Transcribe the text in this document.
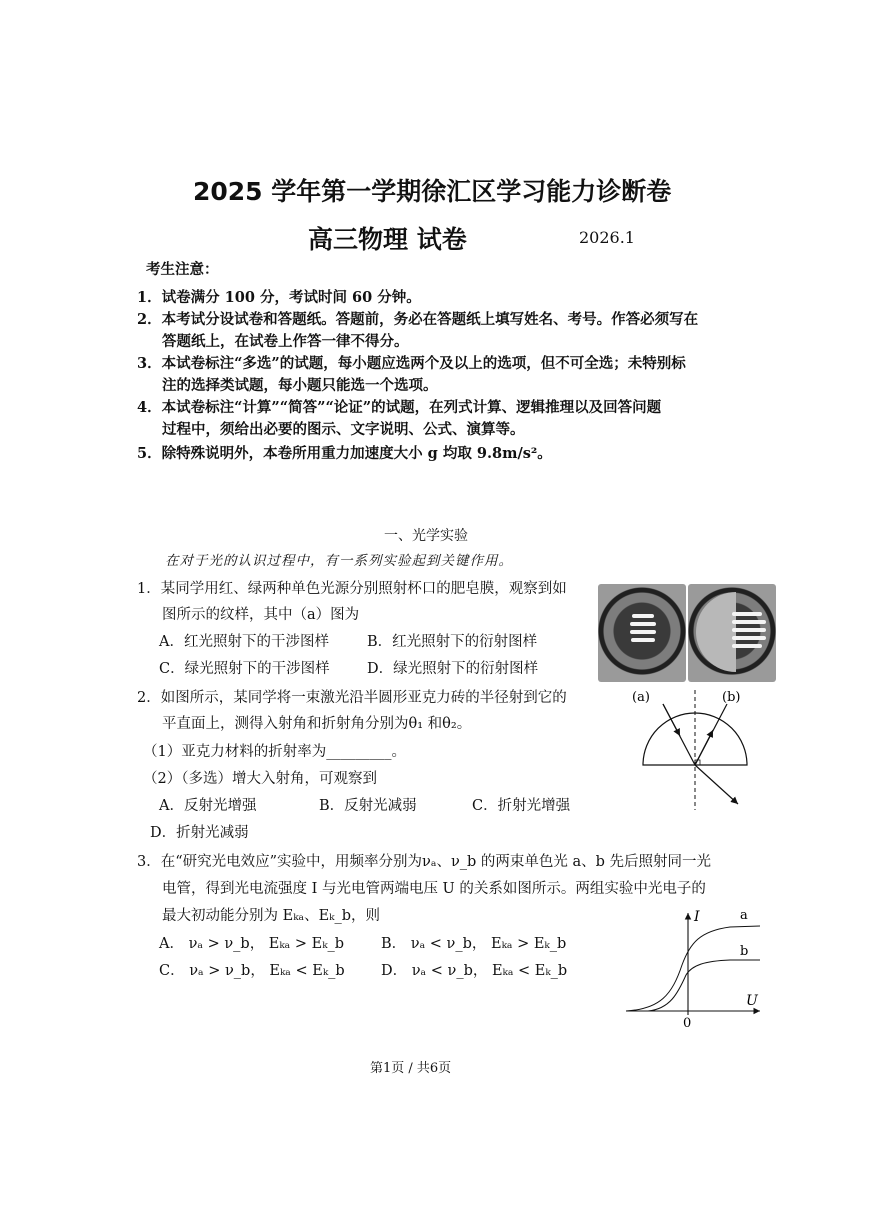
2025 学年第一学期徐汇区学习能力诊断卷
高三物理 试卷	2026.1
考生注意：
1．试卷满分 100 分，考试时间 60 分钟。
2．本考试分设试卷和答题纸。答题前，务必在答题纸上填写姓名、考号。作答必须写在
答题纸上，在试卷上作答一律不得分。
3．本试卷标注“多选”的试题，每小题应选两个及以上的选项，但不可全选；未特别标
注的选择类试题，每小题只能选一个选项。
4．本试卷标注“计算”“简答”“论证”的试题，在列式计算、逻辑推理以及回答问题
过程中，须给出必要的图示、文字说明、公式、演算等。
5．除特殊说明外，本卷所用重力加速度大小 g 均取 9.8m/s²。
一、光学实验
在对于光的认识过程中，有一系列实验起到关键作用。
1．某同学用红、绿两种单色光源分别照射杯口的肥皂膜，观察到如
图所示的纹样，其中（a）图为
A．红光照射下的干涉图样	B．红光照射下的衍射图样
C．绿光照射下的干涉图样	D．绿光照射下的衍射图样
2．如图所示，某同学将一束激光沿半圆形亚克力砖的半径射到它的
平直面上，测得入射角和折射角分别为θ₁ 和θ₂。
（1）亚克力材料的折射率为_________。
（2）（多选）增大入射角，可观察到
A．反射光增强	B．反射光减弱	C．折射光增强
D．折射光减弱
(a)	(b)
3．在“研究光电效应”实验中，用频率分别为νₐ、ν_b 的两束单色光 a、b 先后照射同一光
电管，得到光电流强度 I 与光电管两端电压 U 的关系如图所示。两组实验中光电子的
最大初动能分别为 Eₖₐ、Eₖ_b，则
A． νₐ > ν_b， Eₖₐ > Eₖ_b	B． νₐ < ν_b， Eₖₐ > Eₖ_b
C． νₐ > ν_b， Eₖₐ < Eₖ_b	D． νₐ < ν_b， Eₖₐ < Eₖ_b
I
U
0
a
b
第1页 / 共6页
